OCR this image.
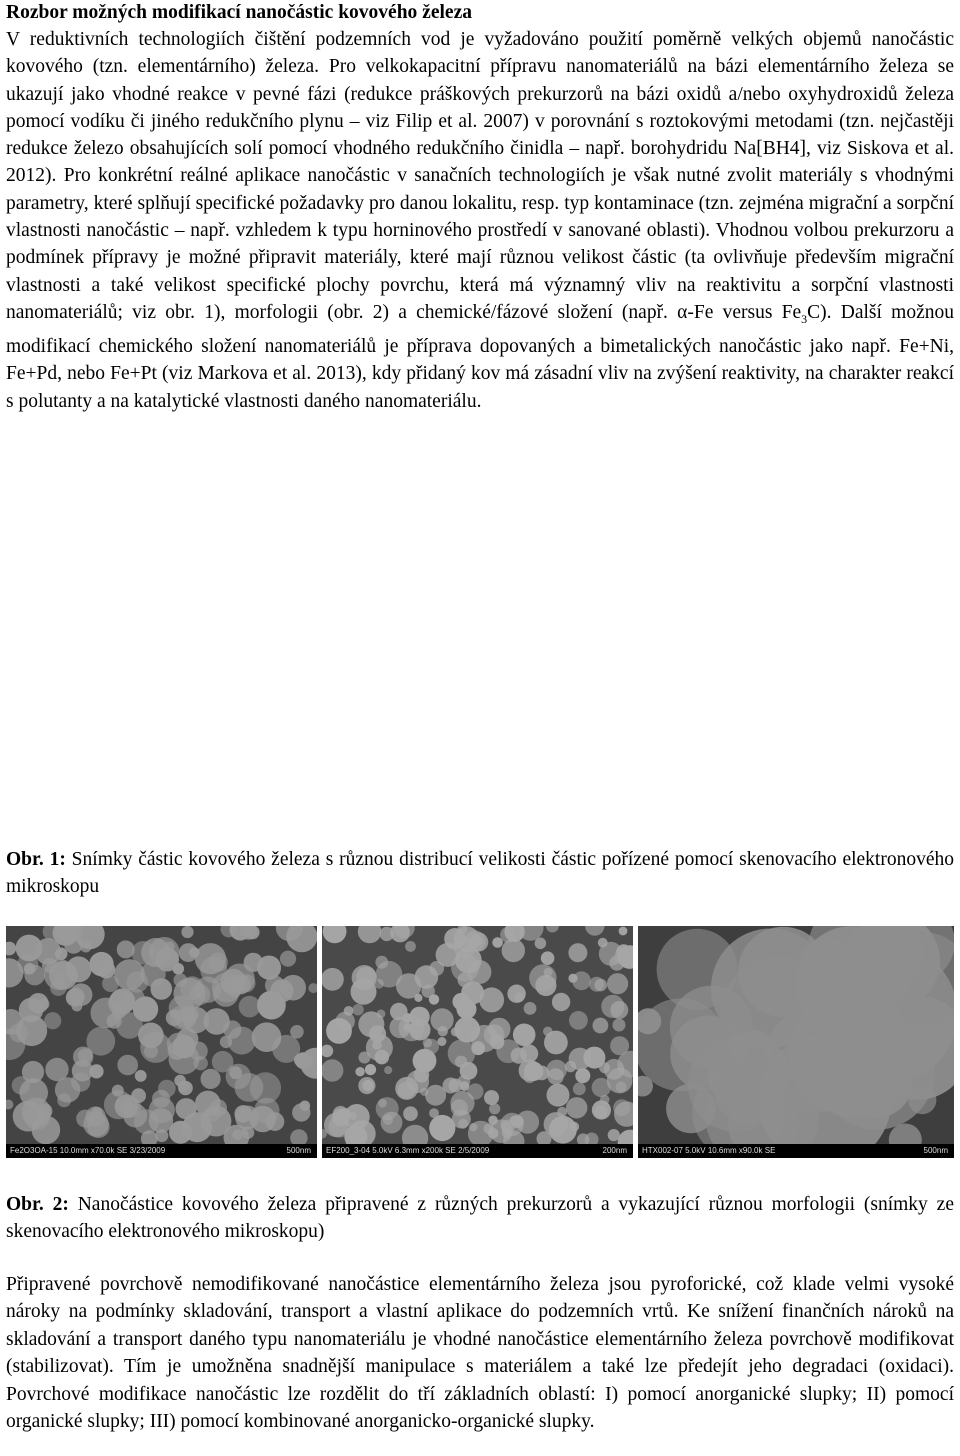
Rozbor možných modifikací nanočástic kovového železa

V reduktivních technologiích čištění podzemních vod je vyžadováno použití poměrně velkých objemů nanočástic kovového (tzn. elementárního) železa. Pro velkokapacitní přípravu nanomateriálů na bázi elementárního železa se ukazují jako vhodné reakce v pevné fázi (redukce práškových prekurzorů na bázi oxidů a/nebo oxyhydroxidů železa pomocí vodíku či jiného redukčního plynu – viz Filip et al. 2007) v porovnání s roztokovými metodami (tzn. nejčastěji redukce železo obsahujících solí pomocí vhodného redukčního činidla – např. borohydridu Na[BH4], viz Siskova et al. 2012). Pro konkrétní reálné aplikace nanočástic v sanačních technologiích je však nutné zvolit materiály s vhodnými parametry, které splňují specifické požadavky pro danou lokalitu, resp. typ kontaminace (tzn. zejména migrační a sorpční vlastnosti nanočástic – např. vzhledem k typu horninového prostředí v sanované oblasti). Vhodnou volbou prekurzoru a podmínek přípravy je možné připravit materiály, které mají různou velikost částic (ta ovlivňuje především migrační vlastnosti a také velikost specifické plochy povrchu, která má významný vliv na reaktivitu a sorpční vlastnosti nanomateriálů; viz obr. 1), morfologii (obr. 2) a chemické/fázové složení (např. α-Fe versus $Fe_3C$). Další možnou modifikací chemického složení nanomateriálů je příprava dopovaných a bimetalických nanočástic jako např. Fe+Ni, Fe+Pd, nebo Fe+Pt (viz Markova et al. 2013), kdy přidaný kov má zásadní vliv na zvýšení reaktivity, na charakter reakcí s polutanty a na katalytické vlastnosti daného nanomateriálu.

Obr. 1: Snímky částic kovového železa s různou distribucí velikosti částic pořízené pomocí skenovacího elektronového mikroskopu
Fe2O3OA-15 10.0mm x70.0k SE 3/23/2009	500nm EF200_3-04 5.0kV 6.3mm x200k SE 2/5/2009	200nm HTX002-07 5.0kV 10.6mm x90.0k SE	500nm
Obr. 2: Nanočástice kovového železa připravené z různých prekurzorů a vykazující různou morfologii (snímky ze skenovacího elektronového mikroskopu)
Připravené povrchově nemodifikované nanočástice elementárního železa jsou pyroforické, což klade velmi vysoké nároky na podmínky skladování, transport a vlastní aplikace do podzemních vrtů. Ke snížení finančních nároků na skladování a transport daného typu nanomateriálu je vhodné nanočástice elementárního železa povrchově modifikovat (stabilizovat). Tím je umožněna snadnější manipulace s materiálem a také lze předejít jeho degradaci (oxidaci). Povrchové modifikace nanočástic lze rozdělit do tří základních oblastí: I) pomocí anorganické slupky; II) pomocí organické slupky; III) pomocí kombinované anorganicko-organické slupky.
